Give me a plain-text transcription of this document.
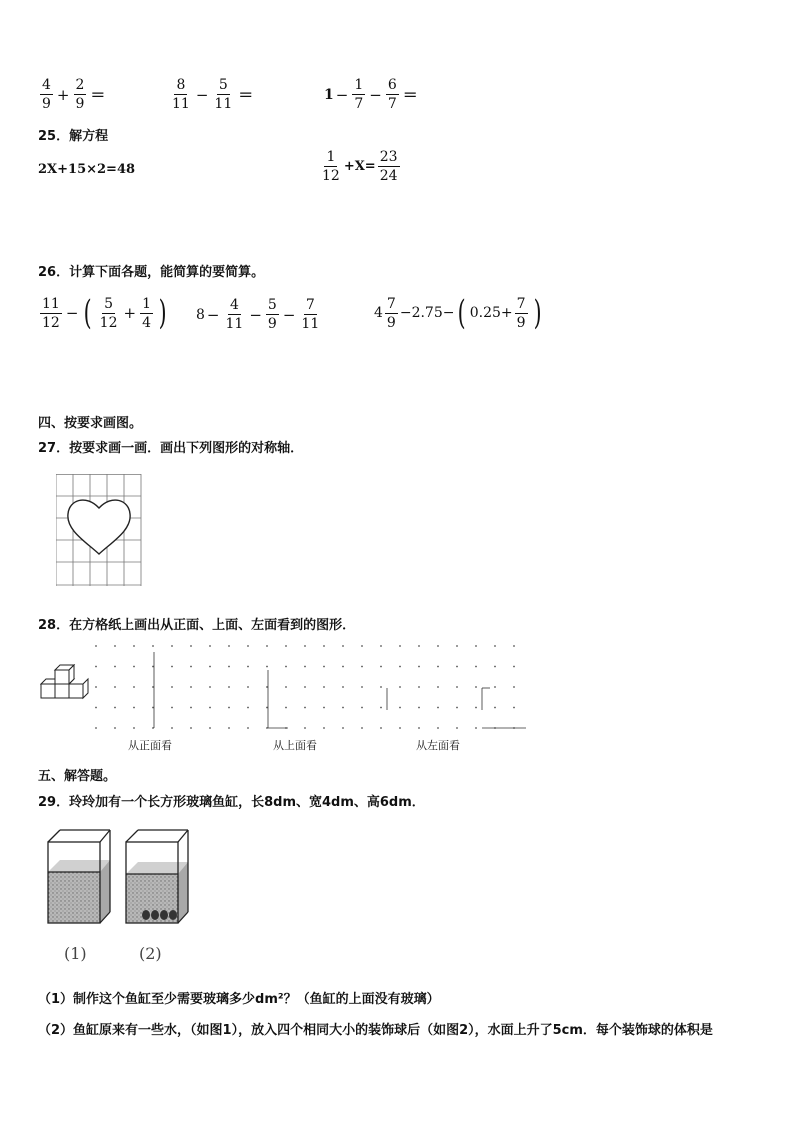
$\frac{4}{9} + \frac{2}{9}$ ＝	$\frac{8}{11} - \frac{5}{11}$ ＝	$1 - \frac{1}{7} - \frac{6}{7}$ ＝
25．解方程
2X+15×2=48	$\frac{1}{12} +X= \frac{23}{24}$
26．计算下面各题，能简算的要简算。
$\frac{11}{12}$ − ( $\frac{5}{12} + \frac{1}{4}$ ) $8 - \frac{4}{11} - \frac{5}{9} - \frac{7}{11}$	$4 \frac{7}{9} -2.75-$ ( $0.25+ \frac{7}{9}$ )
四、按要求画图。
27．按要求画一画．画出下列图形的对称轴．
28．在方格纸上画出从正面、上面、左面看到的图形．
从正面看	从上面看	从左面看
五、解答题。
29．玲玲加有一个长方形玻璃鱼缸，长8dm、宽4dm、高6dm．
(1)	(2)
（1）制作这个鱼缸至少需要玻璃多少dm²？（鱼缸的上面没有玻璃）
（2）鱼缸原来有一些水，（如图1），放入四个相同大小的装饰球后（如图2），水面上升了5cm．每个装饰球的体积是
